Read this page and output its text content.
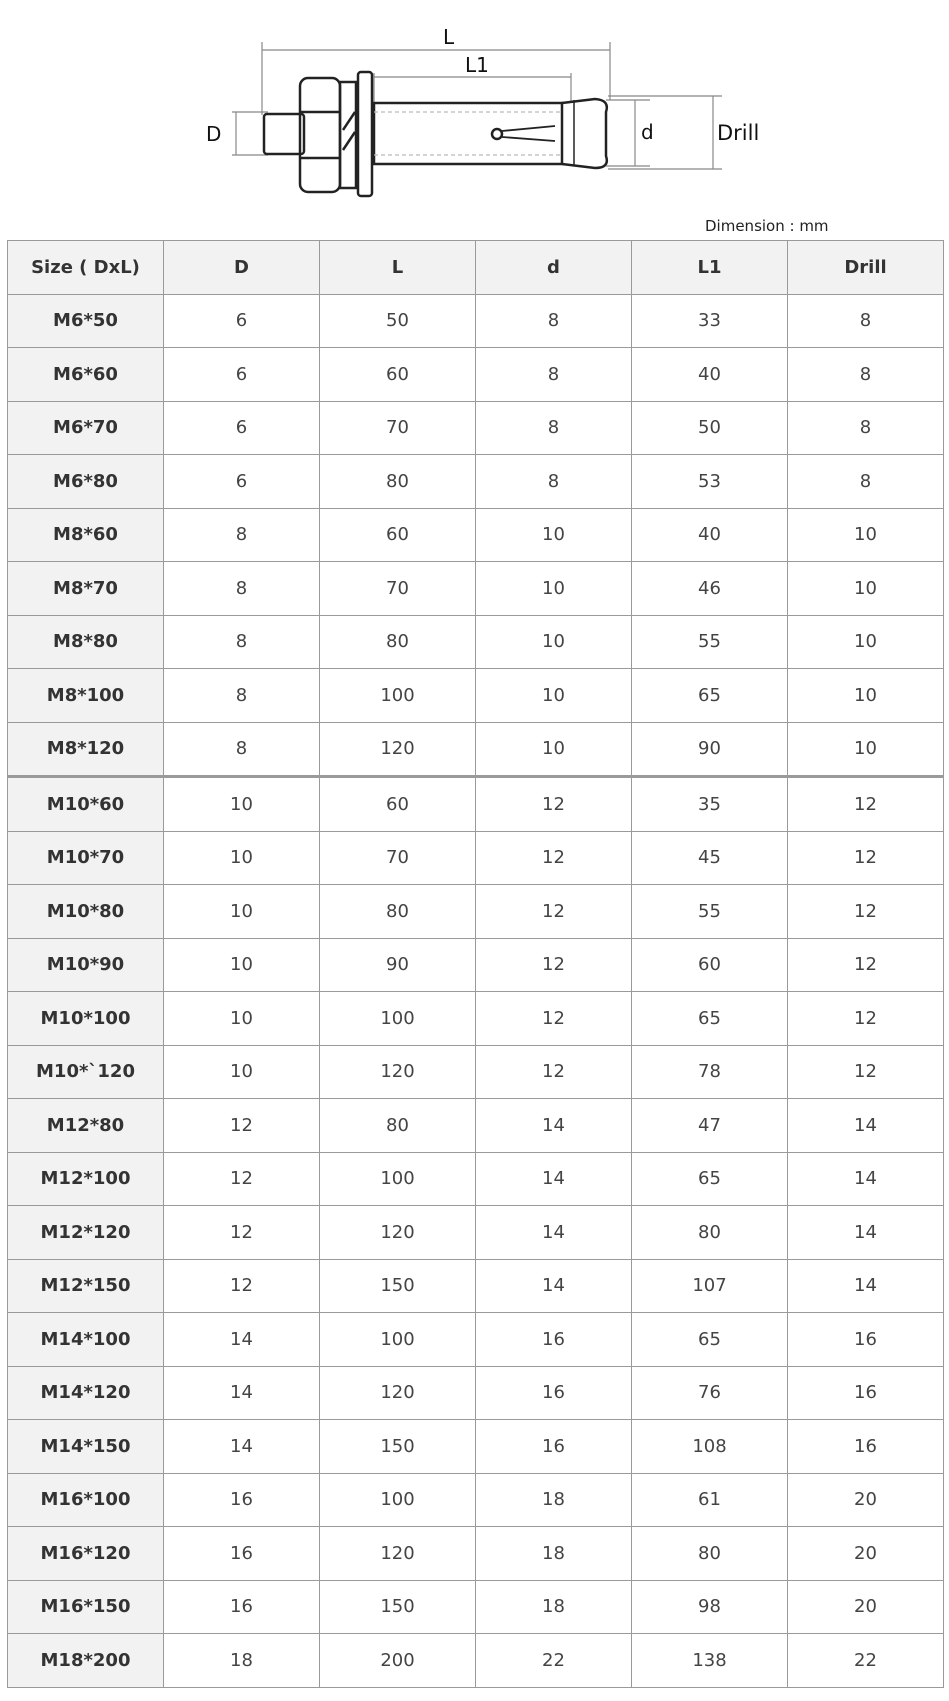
L
L1
D	d	Drill
Dimension : mm
Size ( DxL)	D	L	d	L1	Drill
M6*50	6	50	8	33	8
M6*60	6	60	8	40	8
M6*70	6	70	8	50	8
M6*80	6	80	8	53	8
M8*60	8	60	10	40	10
M8*70	8	70	10	46	10
M8*80	8	80	10	55	10
M8*100	8	100	10	65	10
M8*120	8	120	10	90	10
M10*60	10	60	12	35	12
M10*70	10	70	12	45	12
M10*80	10	80	12	55	12
M10*90	10	90	12	60	12
M10*100	10	100	12	65	12
M10*`120	10	120	12	78	12
M12*80	12	80	14	47	14
M12*100	12	100	14	65	14
M12*120	12	120	14	80	14
M12*150	12	150	14	107	14
M14*100	14	100	16	65	16
M14*120	14	120	16	76	16
M14*150	14	150	16	108	16
M16*100	16	100	18	61	20
M16*120	16	120	18	80	20
M16*150	16	150	18	98	20
M18*200	18	200	22	138	22
